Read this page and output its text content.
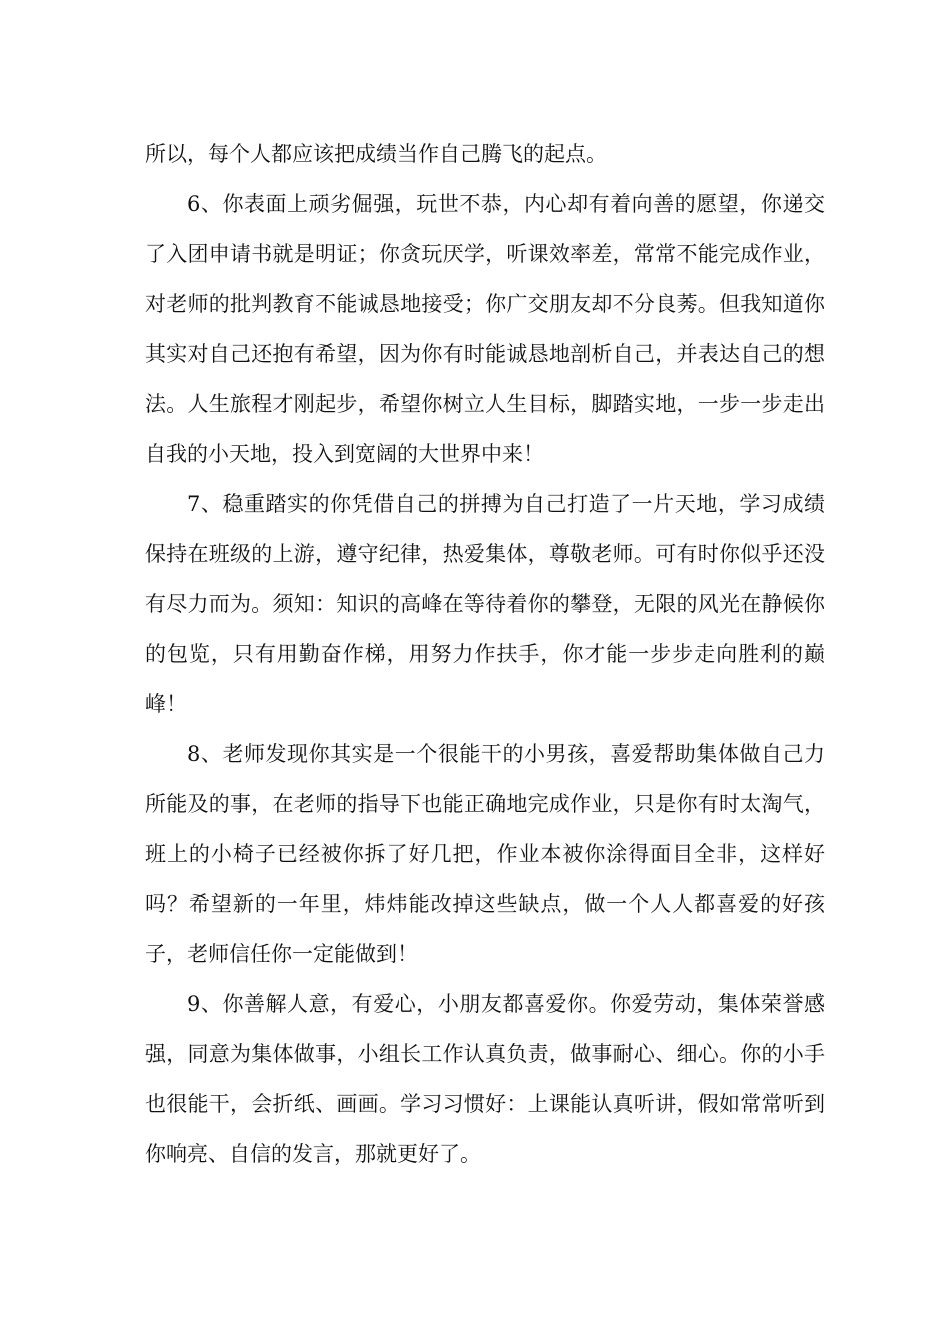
所以，每个人都应该把成绩当作自己腾飞的起点。

6、你表面上顽劣倔强，玩世不恭，内心却有着向善的愿望，你递交了入团申请书就是明证；你贪玩厌学，听课效率差，常常不能完成作业，对老师的批判教育不能诚恳地接受；你广交朋友却不分良莠。但我知道你其实对自己还抱有希望，因为你有时能诚恳地剖析自己，并表达自己的想法。人生旅程才刚起步，希望你树立人生目标，脚踏实地，一步一步走出自我的小天地，投入到宽阔的大世界中来！

7、稳重踏实的你凭借自己的拼搏为自己打造了一片天地，学习成绩保持在班级的上游，遵守纪律，热爱集体，尊敬老师。可有时你似乎还没有尽力而为。须知：知识的高峰在等待着你的攀登，无限的风光在静候你的包览，只有用勤奋作梯，用努力作扶手，你才能一步步走向胜利的巅峰！

8、老师发现你其实是一个很能干的小男孩，喜爱帮助集体做自己力所能及的事，在老师的指导下也能正确地完成作业，只是你有时太淘气，班上的小椅子已经被你拆了好几把，作业本被你涂得面目全非，这样好吗？希望新的一年里，炜炜能改掉这些缺点，做一个人人都喜爱的好孩子，老师信任你一定能做到！

9、你善解人意，有爱心，小朋友都喜爱你。你爱劳动，集体荣誉感强，同意为集体做事，小组长工作认真负责，做事耐心、细心。你的小手也很能干，会折纸、画画。学习习惯好：上课能认真听讲，假如常常听到你响亮、自信的发言，那就更好了。
